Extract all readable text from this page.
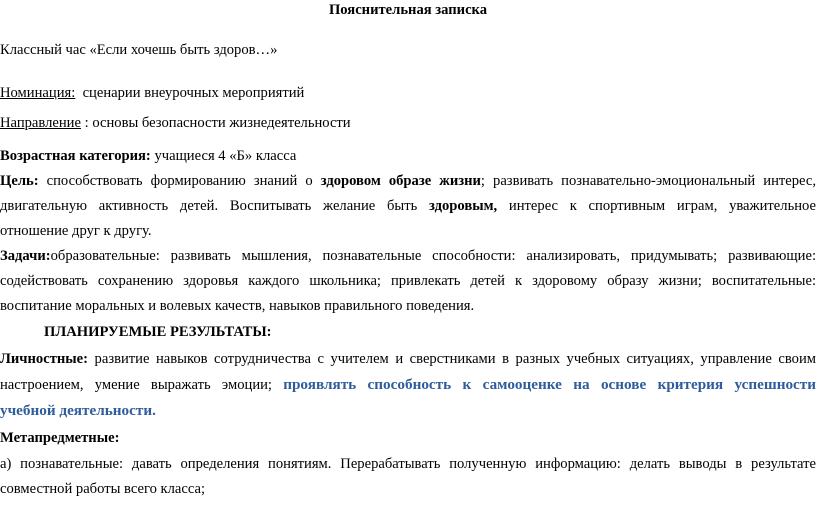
Пояснительная записка
Классный час «Если хочешь быть здоров…»
Номинация:  сценарии внеурочных мероприятий
Направление : основы безопасности жизнедеятельности
Возрастная категория: учащиеся 4 «Б» класса
Цель: способствовать формированию знаний о здоровом образе жизни; развивать познавательно-эмоциональный интерес,
двигательную активность детей. Воспитывать желание быть здоровым, интерес к спортивным играм, уважительное
отношение друг к другу.
Задачи:образовательные: развивать мышления, познавательные способности: анализировать, придумывать; развивающие:
содействовать сохранению здоровья каждого школьника; привлекать детей к здоровому образу жизни; воспитательные:
воспитание моральных и волевых качеств, навыков правильного поведения.
ПЛАНИРУЕМЫЕ РЕЗУЛЬТАТЫ:
Личностные: развитие навыков сотрудничества с учителем и сверстниками в разных учебных ситуациях, управление своим
настроением, умение выражать эмоции; проявлять способность к самооценке на основе критерия успешности
учебной деятельности.
Метапредметные:
а) познавательные: давать определения понятиям. Перерабатывать полученную информацию: делать выводы в результате
совместной работы всего класса;
